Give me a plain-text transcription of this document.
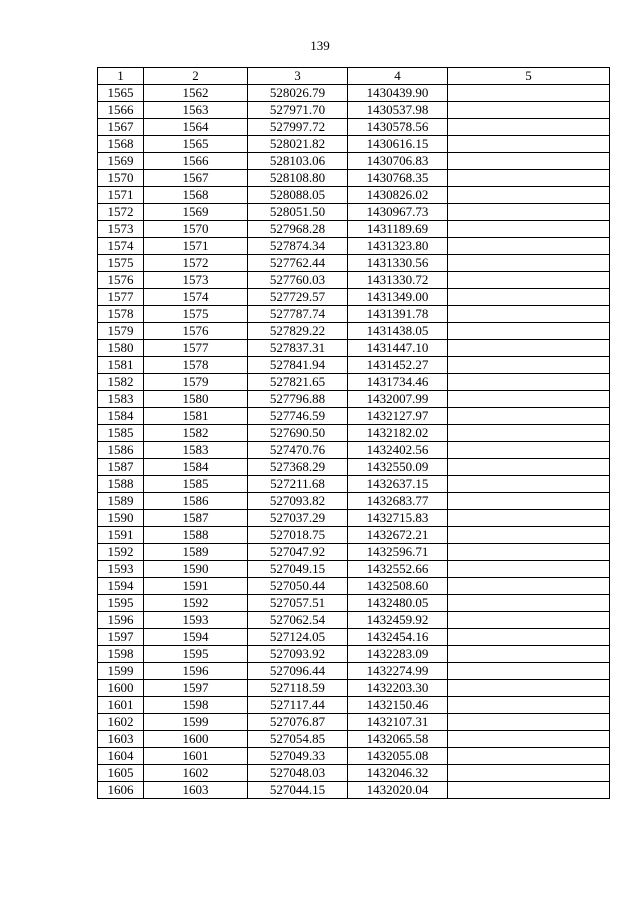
139
1	2	3	4	5
1565	1562	528026.79	1430439.90	
1566	1563	527971.70	1430537.98	
1567	1564	527997.72	1430578.56	
1568	1565	528021.82	1430616.15	
1569	1566	528103.06	1430706.83	
1570	1567	528108.80	1430768.35	
1571	1568	528088.05	1430826.02	
1572	1569	528051.50	1430967.73	
1573	1570	527968.28	1431189.69	
1574	1571	527874.34	1431323.80	
1575	1572	527762.44	1431330.56	
1576	1573	527760.03	1431330.72	
1577	1574	527729.57	1431349.00	
1578	1575	527787.74	1431391.78	
1579	1576	527829.22	1431438.05	
1580	1577	527837.31	1431447.10	
1581	1578	527841.94	1431452.27	
1582	1579	527821.65	1431734.46	
1583	1580	527796.88	1432007.99	
1584	1581	527746.59	1432127.97	
1585	1582	527690.50	1432182.02	
1586	1583	527470.76	1432402.56	
1587	1584	527368.29	1432550.09	
1588	1585	527211.68	1432637.15	
1589	1586	527093.82	1432683.77	
1590	1587	527037.29	1432715.83	
1591	1588	527018.75	1432672.21	
1592	1589	527047.92	1432596.71	
1593	1590	527049.15	1432552.66	
1594	1591	527050.44	1432508.60	
1595	1592	527057.51	1432480.05	
1596	1593	527062.54	1432459.92	
1597	1594	527124.05	1432454.16	
1598	1595	527093.92	1432283.09	
1599	1596	527096.44	1432274.99	
1600	1597	527118.59	1432203.30	
1601	1598	527117.44	1432150.46	
1602	1599	527076.87	1432107.31	
1603	1600	527054.85	1432065.58	
1604	1601	527049.33	1432055.08	
1605	1602	527048.03	1432046.32	
1606	1603	527044.15	1432020.04	
